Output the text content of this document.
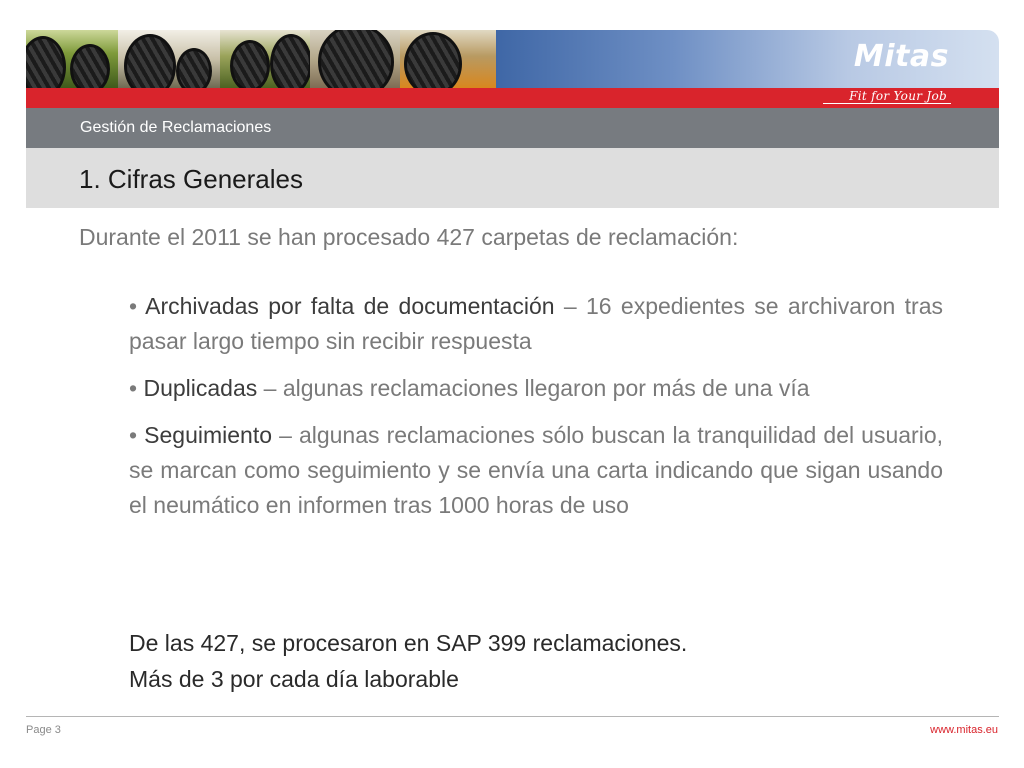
Mitas
Fit for Your Job
Gestión de Reclamaciones
1. Cifras Generales
Durante el 2011 se han procesado 427 carpetas de reclamación:
• Archivadas por falta de documentación – 16 expedientes se archivaron tras pasar largo tiempo sin recibir respuesta
• Duplicadas – algunas reclamaciones llegaron por más de una vía
• Seguimiento – algunas reclamaciones sólo buscan la tranquilidad del usuario, se marcan como seguimiento y se envía una carta indicando que sigan usando el neumático en informen tras 1000 horas de uso
De las 427, se procesaron en SAP 399 reclamaciones.
Más de 3 por cada día laborable
Page 3	www.mitas.eu
